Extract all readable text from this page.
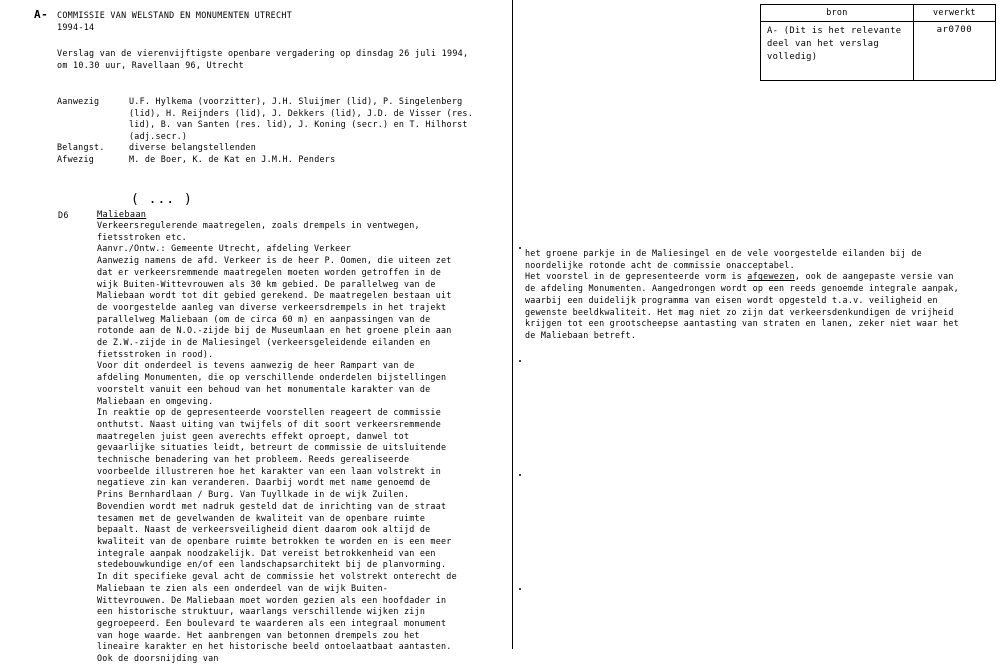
A- COMMISSIE VAN WELSTAND EN MONUMENTEN UTRECHT
1994-14
Verslag van de vierenvijftigste openbare vergadering op dinsdag 26 juli 1994,
om 10.30 uur, Ravellaan 96, Utrecht
Aanwezig	U.F. Hylkema (voorzitter), J.H. Sluijmer (lid), P. Singelenberg (lid), H. Reijnders (lid), J. Dekkers (lid), J.D. de Visser (res. lid), B. van Santen (res. lid), J. Koning (secr.) en T. Hilhorst (adj.secr.)
Belangst.	diverse belangstellenden
Afwezig	M. de Boer, K. de Kat en J.M.H. Penders
( ... )
D6	Maliebaan

Verkeersregulerende maatregelen, zoals drempels in ventwegen, fietsstroken etc.

Aanvr./Ontw.: Gemeente Utrecht, afdeling Verkeer

Aanwezig namens de afd. Verkeer is de heer P. Oomen, die uiteen zet dat er verkeersremmende maatregelen moeten worden getroffen in de wijk Buiten-Wittevrouwen als 30 km gebied. De parallelweg van de Maliebaan wordt tot dit gebied gerekend. De maatregelen bestaan uit de voorgestelde aanleg van diverse verkeersdrempels in het trajekt parallelweg Maliebaan (om de circa 60 m) en aanpassingen van de rotonde aan de N.O.-zijde bij de Museumlaan en het groene plein aan de Z.W.-zijde in de Maliesingel (verkeersgeleidende eilanden en fietsstroken in rood).

Voor dit onderdeel is tevens aanwezig de heer Rampart van de afdeling Monumenten, die op verschillende onderdelen bijstellingen voorstelt vanuit een behoud van het monumentale karakter van de Maliebaan en omgeving.

In reaktie op de gepresenteerde voorstellen reageert de commissie onthutst. Naast uiting van twijfels of dit soort verkeersremmende maatregelen juist geen averechts effekt oproept, danwel tot gevaarlijke situaties leidt, betreurt de commissie de uitsluitende technische benadering van het probleem. Reeds gerealiseerde voorbeelde illustreren hoe het karakter van een laan volstrekt in negatieve zin kan veranderen. Daarbij wordt met name genoemd de Prins Bernhardlaan / Burg. Van Tuyllkade in de wijk Zuilen. Bovendien wordt met nadruk gesteld dat de inrichting van de straat tesamen met de gevelwanden de kwaliteit van de openbare ruimte bepaalt. Naast de verkeersveiligheid dient daarom ook altijd de kwaliteit van de openbare ruimte betrokken te worden en is een meer integrale aanpak noodzakelijk. Dat vereist betrokkenheid van een stedebouwkundige en/of een landschapsarchitekt bij de planvorming.

In dit specifieke geval acht de commissie het volstrekt onterecht de Maliebaan te zien als een onderdeel van de wijk Buiten- Wittevrouwen. De Maliebaan moet worden gezien als een hoofdader in een historische struktuur, waarlangs verschillende wijken zijn gegroepeerd. Een boulevard te waarderen als een integraal monument van hoge waarde. Het aanbrengen van betonnen drempels zou het lineaire karakter en het historische beeld ontoelaatbaat aantasten. Ook de doorsnijding van

het groene parkje in de Maliesingel en de vele voorgestelde eilanden bij de noordelijke rotonde acht de commissie onacceptabel.

Het voorstel in de gepresenteerde vorm is afgewezen, ook de aangepaste versie van de afdeling Monumenten. Aangedrongen wordt op een reeds genoemde integrale aanpak, waarbij een duidelijk programma van eisen wordt opgesteld t.a.v. veiligheid en gewenste beeldkwaliteit. Het mag niet zo zijn dat verkeersdenkundigen de vrijheid krijgen tot een grootscheepse aantasting van straten en lanen, zeker niet waar het de Maliebaan betreft.

bron	verwerkt
A- (Dit is het relevante deel van het verslag volledig)	ar0700
